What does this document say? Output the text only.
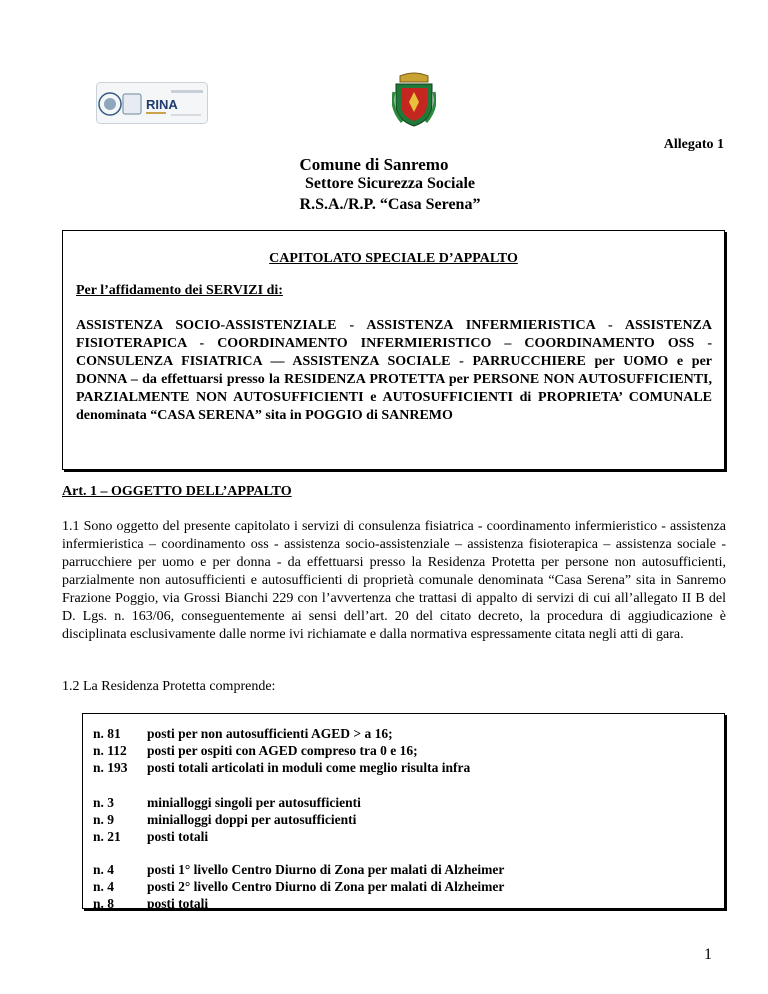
RINA
Allegato 1
Comune di Sanremo
Settore Sicurezza Sociale
R.S.A./R.P. “Casa Serena”
CAPITOLATO SPECIALE D’APPALTO
Per l’affidamento dei SERVIZI di:
ASSISTENZA SOCIO-ASSISTENZIALE - ASSISTENZA INFERMIERISTICA - ASSISTENZA FISIOTERAPICA - COORDINAMENTO INFERMIERISTICO – COORDINAMENTO OSS - CONSULENZA FISIATRICA — ASSISTENZA SOCIALE - PARRUCCHIERE per UOMO e per DONNA – da effettuarsi presso la RESIDENZA PROTETTA per PERSONE NON AUTOSUFFICIENTI, PARZIALMENTE NON AUTOSUFFICIENTI e AUTOSUFFICIENTI di PROPRIETA’ COMUNALE denominata “CASA SERENA” sita in POGGIO di SANREMO
Art. 1 – OGGETTO DELL’APPALTO
1.1 Sono oggetto del presente capitolato i servizi di consulenza fisiatrica - coordinamento infermieristico - assistenza infermieristica – coordinamento oss - assistenza socio-assistenziale – assistenza fisioterapica – assistenza sociale - parrucchiere per uomo e per donna - da effettuarsi presso la Residenza Protetta per persone non autosufficienti, parzialmente non autosufficienti e autosufficienti di proprietà comunale denominata “Casa Serena” sita in Sanremo Frazione Poggio, via Grossi Bianchi 229 con l’avvertenza che trattasi di appalto di servizi di cui all’allegato II B del D. Lgs. n. 163/06, conseguentemente ai sensi dell’art. 20 del citato decreto, la procedura di aggiudicazione è disciplinata esclusivamente dalle norme ivi richiamate e dalla normativa espressamente citata negli atti di gara.
1.2 La Residenza Protetta comprende:
n. 81 posti per non autosufficienti AGED > a 16;
n. 112 posti per ospiti con AGED compreso tra 0 e 16;
n. 193 posti totali articolati in moduli come meglio risulta infra
n. 3 minialloggi singoli per autosufficienti
n. 9 minialloggi doppi per autosufficienti
n. 21 posti totali
n. 4 posti 1° livello Centro Diurno di Zona per malati di Alzheimer
n. 4 posti 2° livello Centro Diurno di Zona per malati di Alzheimer
n. 8 posti totali
1
